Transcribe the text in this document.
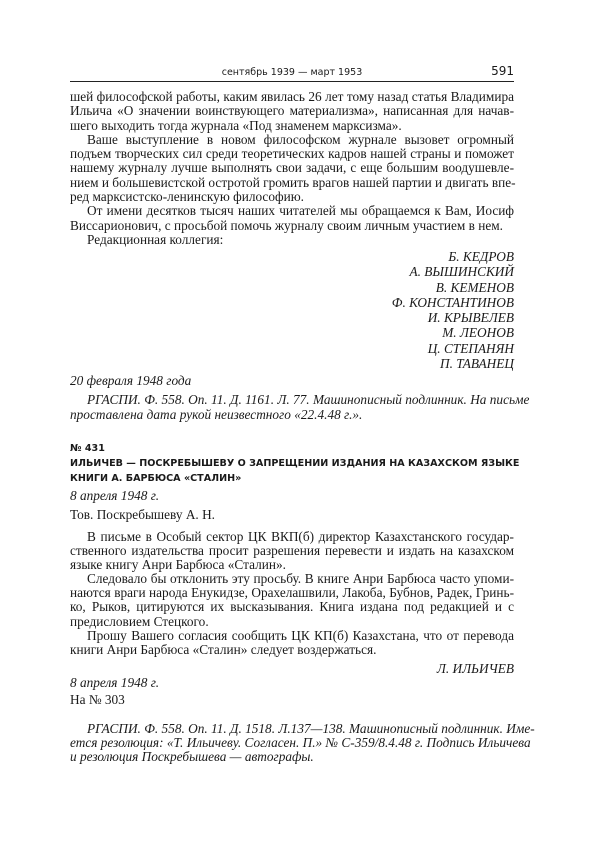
сентябрь 1939 — март 1953	591
шей философской работы, каким явилась 26 лет тому назад статья Владимира
Ильича «О значении воинствующего материализма», написанная для начав-
шего выходить тогда журнала «Под знаменем марксизма».
Ваше выступление в новом философском журнале вызовет огромный
подъем творческих сил среди теоретических кадров нашей страны и поможет
нашему журналу лучше выполнять свои задачи, с еще большим воодушевле-
нием и большевистской остротой громить врагов нашей партии и двигать впе-
ред марксистско-ленинскую философию.
От имени десятков тысяч наших читателей мы обращаемся к Вам, Иосиф
Виссарионович, с просьбой помочь журналу своим личным участием в нем.
Редакционная коллегия:
Б. КЕДРОВ
А. ВЫШИНСКИЙ
В. КЕМЕНОВ
Ф. КОНСТАНТИНОВ
И. КРЫВЕЛЕВ
М. ЛЕОНОВ
Ц. СТЕПАНЯН
П. ТАВАНЕЦ
20 февраля 1948 года
РГАСПИ. Ф. 558. Оп. 11. Д. 1161. Л. 77. Машинописный подлинник. На письме
проставлена дата рукой неизвестного «22.4.48 г.».
№ 431
ИЛЬИЧЕВ — ПОСКРЕБЫШЕВУ О ЗАПРЕЩЕНИИ ИЗДАНИЯ НА КАЗАХСКОМ ЯЗЫКЕ
КНИГИ А. БАРБЮСА «СТАЛИН»
8 апреля 1948 г.
Тов. Поскребышеву А. Н.
В письме в Особый сектор ЦК ВКП(б) директор Казахстанского государ-
ственного издательства просит разрешения перевести и издать на казахском
языке книгу Анри Барбюса «Сталин».
Следовало бы отклонить эту просьбу. В книге Анри Барбюса часто упоми-
наются враги народа Енукидзе, Орахелашвили, Лакоба, Бубнов, Радек, Гринь-
ко, Рыков, цитируются их высказывания. Книга издана под редакцией и с
предисловием Стецкого.
Прошу Вашего согласия сообщить ЦК КП(б) Казахстана, что от перевода
книги Анри Барбюса «Сталин» следует воздержаться.
Л. ИЛЬИЧЕВ
8 апреля 1948 г.
На № 303
РГАСПИ. Ф. 558. Оп. 11. Д. 1518. Л.137—138. Машинописный подлинник. Име-
ется резолюция: «Т. Ильичеву. Согласен. П.» № С-359/8.4.48 г. Подпись Ильичева
и резолюция Поскребышева — автографы.
